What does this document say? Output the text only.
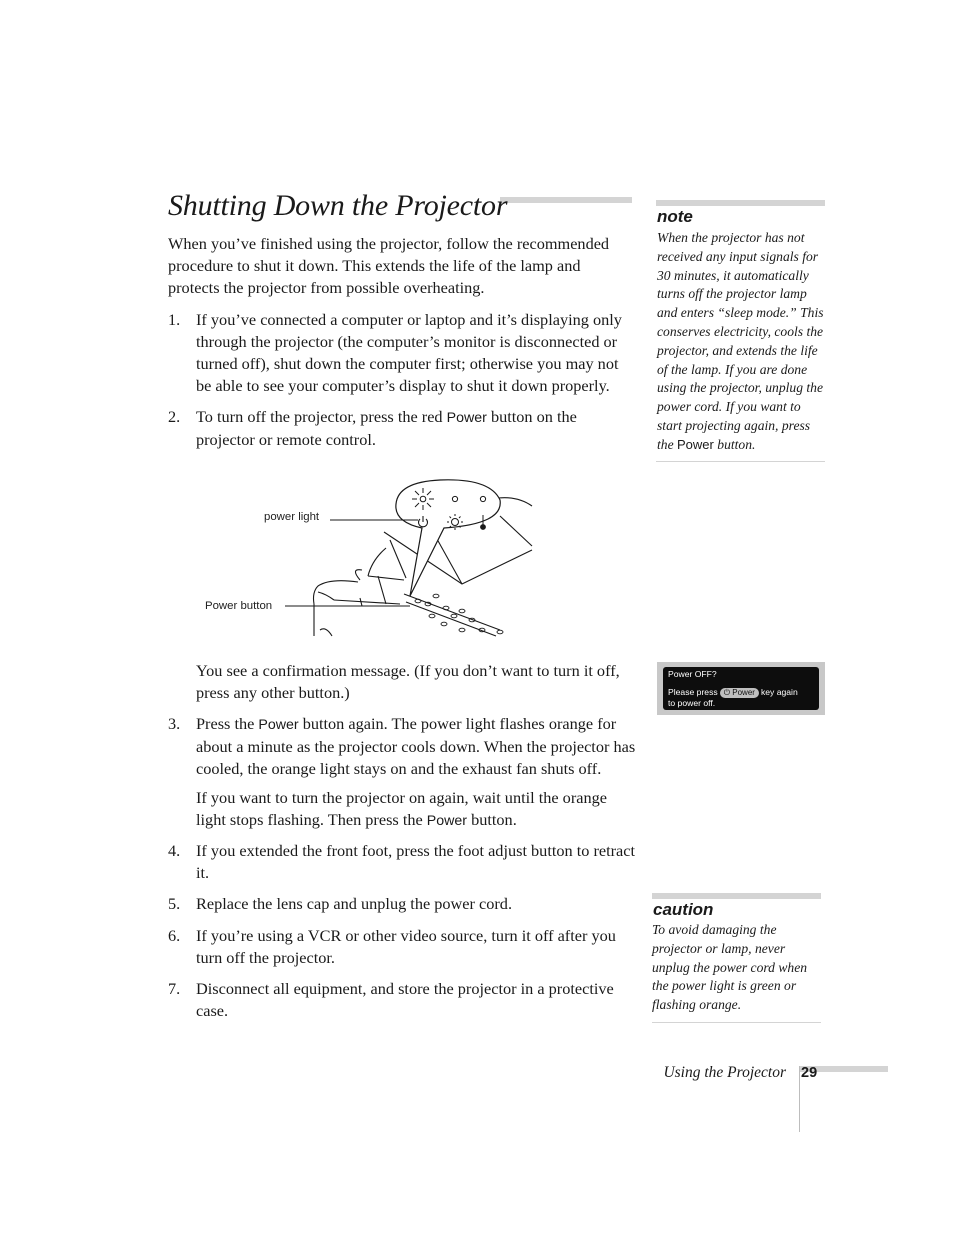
Shutting Down the Projector
When you’ve finished using the projector, follow the recommended procedure to shut it down. This extends the life of the lamp and protects the projector from possible overheating.
1. If you’ve connected a computer or laptop and it’s displaying only through the projector (the computer’s monitor is disconnected or turned off), shut down the computer first; otherwise you may not be able to see your computer’s display to shut it down properly.
2. To turn off the projector, press the red Power button on the projector or remote control.
power light
Power button
You see a confirmation message. (If you don’t want to turn it off, press any other button.)
3. Press the Power button again. The power light flashes orange for about a minute as the projector cools down. When the projector has cooled, the orange light stays on and the exhaust fan shuts off.
If you want to turn the projector on again, wait until the orange light stops flashing. Then press the Power button.
4. If you extended the front foot, press the foot adjust button to retract it.
5. Replace the lens cap and unplug the power cord.
6. If you’re using a VCR or other video source, turn it off after you turn off the projector.
7. Disconnect all equipment, and store the projector in a protective case.
note
When the projector has not received any input signals for 30 minutes, it automatically turns off the projector lamp and enters “sleep mode.” This conserves electricity, cools the projector, and extends the life of the lamp. If you are done using the projector, unplug the power cord. If you want to start projecting again, press the Power button.
Power OFF?
Please press ⏻ Power key again
to power off.
caution
To avoid damaging the projector or lamp, never unplug the power cord when the power light is green or flashing orange.
Using the Projector 29
